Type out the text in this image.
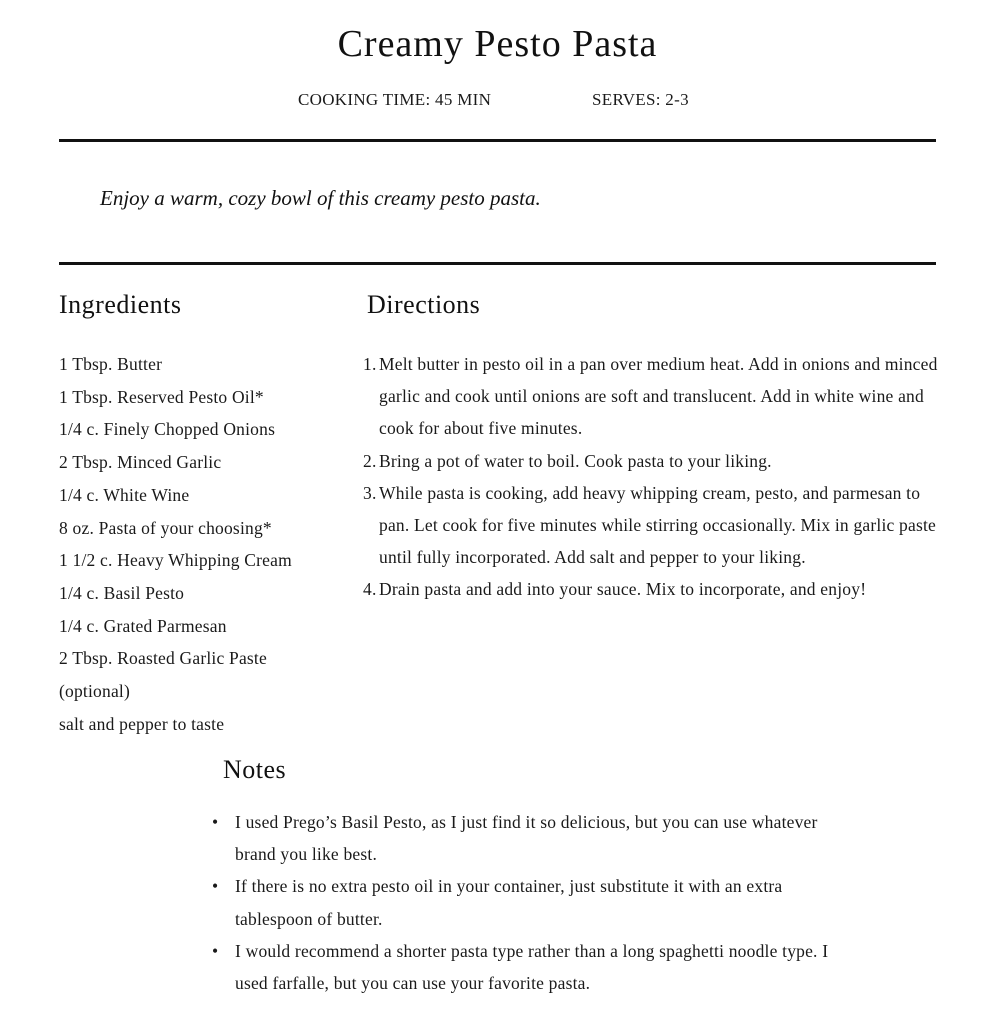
Creamy Pesto Pasta
COOKING TIME: 45 MIN	SERVES: 2-3
Enjoy a warm, cozy bowl of this creamy pesto pasta.
Ingredients
1 Tbsp. Butter
1 Tbsp. Reserved Pesto Oil*
1/4 c. Finely Chopped Onions
2 Tbsp. Minced Garlic
1/4 c. White Wine
8 oz. Pasta of your choosing*
1 1/2 c. Heavy Whipping Cream
1/4 c. Basil Pesto
1/4 c. Grated Parmesan
2 Tbsp. Roasted Garlic Paste
(optional)
salt and pepper to taste
Directions
1. Melt butter in pesto oil in a pan over medium heat. Add in onions and minced garlic and cook until onions are soft and translucent. Add in white wine and cook for about five minutes.
2. Bring a pot of water to boil. Cook pasta to your liking.
3. While pasta is cooking, add heavy whipping cream, pesto, and parmesan to pan. Let cook for five minutes while stirring occasionally. Mix in garlic paste until fully incorporated. Add salt and pepper to your liking.
4. Drain pasta and add into your sauce. Mix to incorporate, and enjoy!
Notes
• I used Prego’s Basil Pesto, as I just find it so delicious, but you can use whatever brand you like best.
• If there is no extra pesto oil in your container, just substitute it with an extra tablespoon of butter.
• I would recommend a shorter pasta type rather than a long spaghetti noodle type. I used farfalle, but you can use your favorite pasta.
